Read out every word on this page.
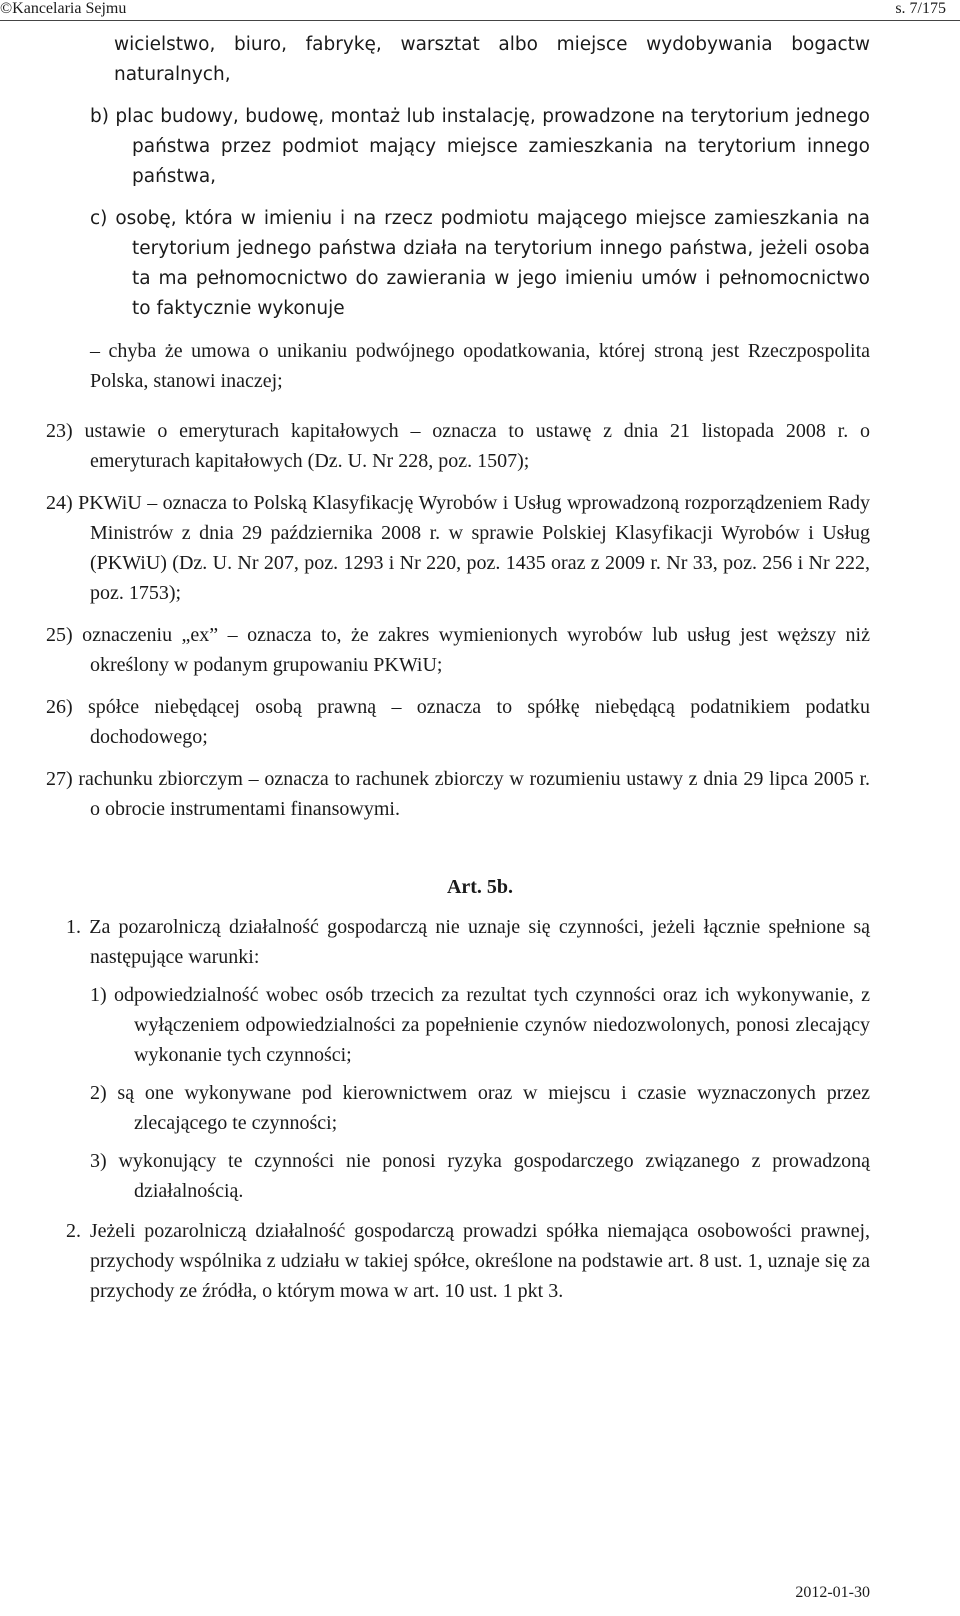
©Kancelaria Sejmu	s. 7/175

wicielstwo, biuro, fabrykę, warsztat albo miejsce wydobywania bogactw naturalnych,

b) plac budowy, budowę, montaż lub instalację, prowadzone na terytorium jednego państwa przez podmiot mający miejsce zamieszkania na terytorium innego państwa,

c) osobę, która w imieniu i na rzecz podmiotu mającego miejsce zamieszkania na terytorium jednego państwa działa na terytorium innego państwa, jeżeli osoba ta ma pełnomocnictwo do zawierania w jego imieniu umów i pełnomocnictwo to faktycznie wykonuje

– chyba że umowa o unikaniu podwójnego opodatkowania, której stroną jest Rzeczpospolita Polska, stanowi inaczej;

23) ustawie o emeryturach kapitałowych – oznacza to ustawę z dnia 21 listopada 2008 r. o emeryturach kapitałowych (Dz. U. Nr 228, poz. 1507);
24) PKWiU – oznacza to Polską Klasyfikację Wyrobów i Usług wprowadzoną rozporządzeniem Rady Ministrów z dnia 29 października 2008 r. w sprawie Polskiej Klasyfikacji Wyrobów i Usług (PKWiU) (Dz. U. Nr 207, poz. 1293 i Nr 220, poz. 1435 oraz z 2009 r. Nr 33, poz. 256 i Nr 222, poz. 1753);
25) oznaczeniu „ex” – oznacza to, że zakres wymienionych wyrobów lub usług jest węższy niż określony w podanym grupowaniu PKWiU;
26) spółce niebędącej osobą prawną – oznacza to spółkę niebędącą podatnikiem podatku dochodowego;
27) rachunku zbiorczym – oznacza to rachunek zbiorczy w rozumieniu ustawy z dnia 29 lipca 2005 r. o obrocie instrumentami finansowymi.
Art. 5b.

1. Za pozarolniczą działalność gospodarczą nie uznaje się czynności, jeżeli łącznie spełnione są następujące warunki:

1) odpowiedzialność wobec osób trzecich za rezultat tych czynności oraz ich wykonywanie, z wyłączeniem odpowiedzialności za popełnienie czynów niedozwolonych, ponosi zlecający wykonanie tych czynności;
2) są one wykonywane pod kierownictwem oraz w miejscu i czasie wyznaczonych przez zlecającego te czynności;
3) wykonujący te czynności nie ponosi ryzyka gospodarczego związanego z prowadzoną działalnością.

2. Jeżeli pozarolniczą działalność gospodarczą prowadzi spółka niemająca osobowości prawnej, przychody wspólnika z udziału w takiej spółce, określone na podstawie art. 8 ust. 1, uznaje się za przychody ze źródła, o którym mowa w art. 10 ust. 1 pkt 3.

2012-01-30
